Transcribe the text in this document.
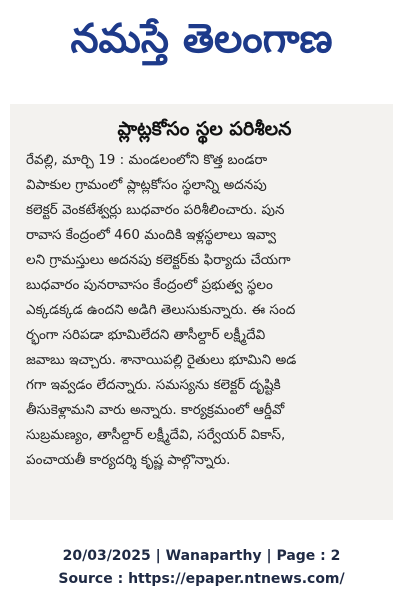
నమస్తే తెలంగాణ
ప్లాట్లకోసం స్థల పరిశీలన
రేవల్లి, మార్చి 19 : మండలంలోని కొత్త బండరా
విపాకుల గ్రామంలో ప్లాట్లకోసం స్థలాన్ని అదనపు
కలెక్టర్ వెంకటేశ్వర్లు బుధవారం పరిశీలించారు. పున
రావాస కేంద్రంలో 460 మందికి ఇళ్లస్థలాలు ఇవ్వా
లని గ్రామస్తులు అదనపు కలెక్టర్‌కు ఫిర్యాదు చేయగా
బుధవారం పునరావాసం కేంద్రంలో ప్రభుత్వ స్థలం
ఎక్కడక్కడ ఉందని అడిగి తెలుసుకున్నారు. ఈ సంద
ర్భంగా సరిపడా భూమిలేదని తాసీల్దార్ లక్ష్మీదేవి
జవాబు ఇచ్చారు. శానాయిపల్లి రైతులు భూమిని అడ
గగా ఇవ్వడం లేదన్నారు. సమస్యను కలెక్టర్ దృష్టికి
తీసుకెళ్లామని వారు అన్నారు. కార్యక్రమంలో ఆర్డీవో
సుబ్రమణ్యం, తాసీల్దార్ లక్ష్మీదేవి, సర్వేయర్ వికాస్,
పంచాయతీ కార్యదర్శి కృష్ణ పాల్గొన్నారు.
20/03/2025 | Wanaparthy | Page : 2
Source : https://epaper.ntnews.com/
